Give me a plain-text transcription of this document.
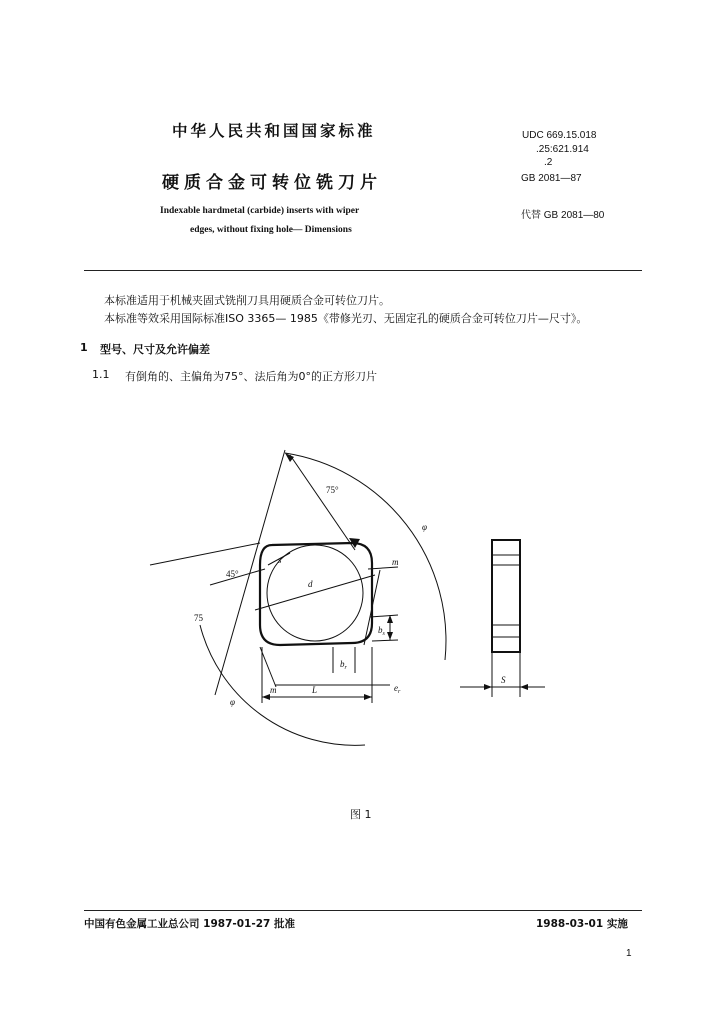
中华人民共和国国家标准
硬质合金可转位铣刀片
Indexable hardmetal (carbide) inserts with wiper
edges, without fixing hole— Dimensions
UDC 669.15.018
.25:621.914
.2
GB 2081—87
代替 GB 2081—80
本标准适用于机械夹固式铣削刀具用硬质合金可转位刀片。
本标准等效采用国际标准ISO 3365— 1985《带修光刃、无固定孔的硬质合金可转位刀片—尺寸》。
1 型号、尺寸及允许偏差
1.1 有倒角的、主偏角为75°、法后角为0°的正方形刀片
75°
φ
m
d
s
45°
75
$b_s$
$b_r$
m	L
φ
$e_r$
S
图 1
中国有色金属工业总公司 1987-01-27 批准	1988-03-01 实施
1
